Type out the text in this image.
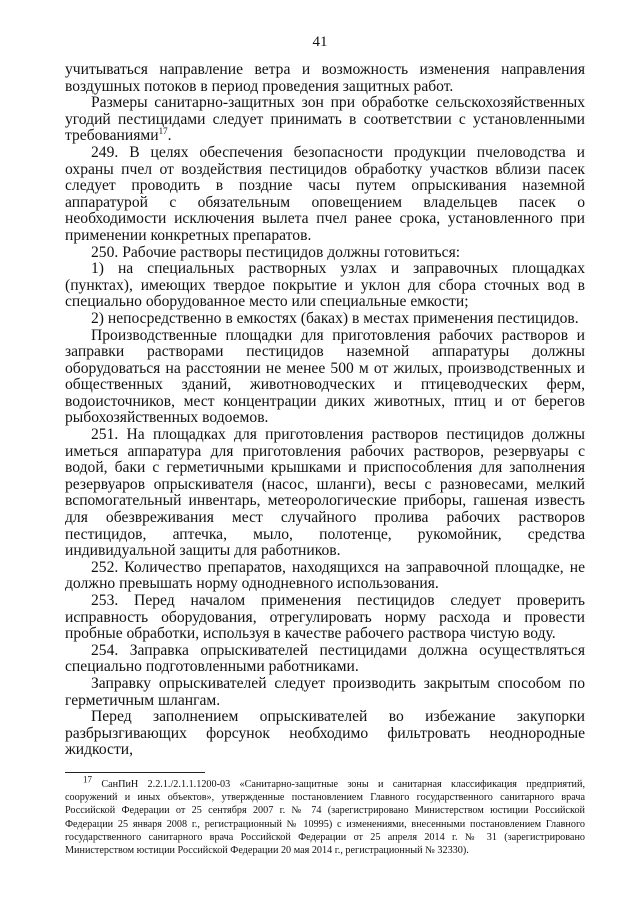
41

учитываться направление ветра и возможность изменения направления воздушных потоков в период проведения защитных работ.

Размеры санитарно-защитных зон при обработке сельскохозяйственных угодий пестицидами следует принимать в соответствии с установленными требованиями$^{17}$.

249. В целях обеспечения безопасности продукции пчеловодства и охраны пчел от воздействия пестицидов обработку участков вблизи пасек следует проводить в поздние часы путем опрыскивания наземной аппаратурой с обязательным оповещением владельцев пасек о необходимости исключения вылета пчел ранее срока, установленного при применении конкретных препаратов.

250. Рабочие растворы пестицидов должны готовиться:

1) на специальных растворных узлах и заправочных площадках (пунктах), имеющих твердое покрытие и уклон для сбора сточных вод в специально оборудованное место или специальные емкости;

2) непосредственно в емкостях (баках) в местах применения пестицидов.

Производственные площадки для приготовления рабочих растворов и заправки растворами пестицидов наземной аппаратуры должны оборудоваться на расстоянии не менее 500 м от жилых, производственных и общественных зданий, животноводческих и птицеводческих ферм, водоисточников, мест концентрации диких животных, птиц и от берегов рыбохозяйственных водоемов.

251. На площадках для приготовления растворов пестицидов должны иметься аппаратура для приготовления рабочих растворов, резервуары с водой, баки с герметичными крышками и приспособления для заполнения резервуаров опрыскивателя (насос, шланги), весы с разновесами, мелкий вспомогательный инвентарь, метеорологические приборы, гашеная известь для обезвреживания мест случайного пролива рабочих растворов пестицидов, аптечка, мыло, полотенце, рукомойник, средства индивидуальной защиты для работников.

252. Количество препаратов, находящихся на заправочной площадке, не должно превышать норму однодневного использования.

253. Перед началом применения пестицидов следует проверить исправность оборудования, отрегулировать норму расхода и провести пробные обработки, используя в качестве рабочего раствора чистую воду.

254. Заправка опрыскивателей пестицидами должна осуществляться специально подготовленными работниками.

Заправку опрыскивателей следует производить закрытым способом по герметичным шлангам.

Перед заполнением опрыскивателей во избежание закупорки разбрызгивающих форсунок необходимо фильтровать неоднородные жидкости,

$^{17}$ СанПиН 2.2.1./2.1.1.1200-03 «Санитарно-защитные зоны и санитарная классификация предприятий, сооружений и иных объектов», утвержденные постановлением Главного государственного санитарного врача Российской Федерации от 25 сентября 2007 г. № 74 (зарегистрировано Министерством юстиции Российской Федерации 25 января 2008 г., регистрационный № 10995) с изменениями, внесенными постановлением Главного государственного санитарного врача Российской Федерации от 25 апреля 2014 г. № 31 (зарегистрировано Министерством юстиции Российской Федерации 20 мая 2014 г., регистрационный № 32330).
